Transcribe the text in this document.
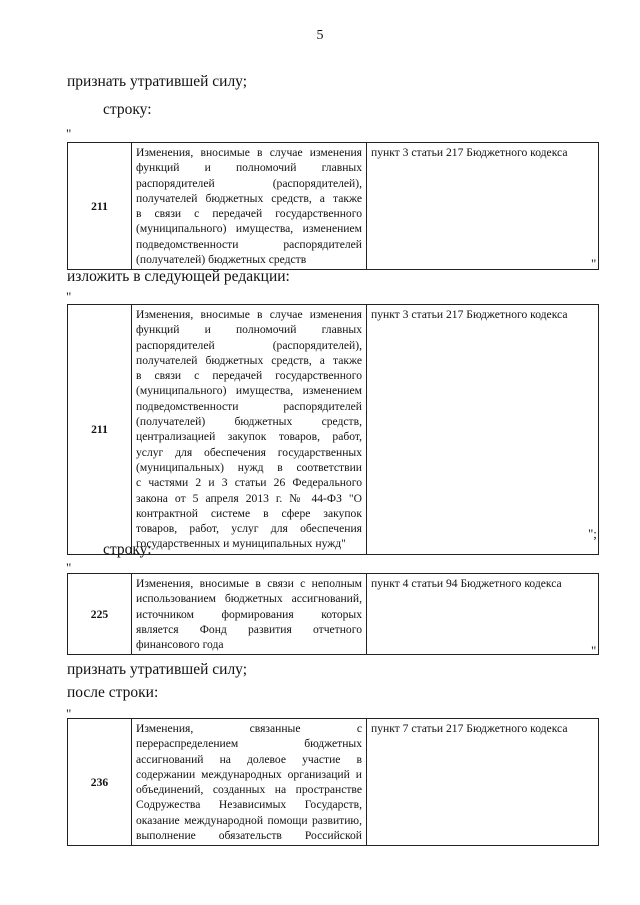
5
признать утратившей силу;
строку:
"
211	
Изменения, вносимые в случае изменения
функций и полномочий главных
распорядителей (распорядителей),
получателей бюджетных средств, а также
в связи с передачей государственного
(муниципального) имущества, изменением
подведомственности распорядителей
(получателей) бюджетных средств
	пункт 3 статьи 217 Бюджетного кодекса
"
изложить в следующей редакции:
"
211	
Изменения, вносимые в случае изменения
функций и полномочий главных
распорядителей (распорядителей),
получателей бюджетных средств, а также
в связи с передачей государственного
(муниципального) имущества, изменением
подведомственности распорядителей
(получателей) бюджетных средств,
централизацией закупок товаров, работ,
услуг для обеспечения государственных
(муниципальных) нужд в соответствии
с частями 2 и 3 статьи 26 Федерального
закона от 5 апреля 2013 г. № 44-ФЗ "О
контрактной системе в сфере закупок
товаров, работ, услуг для обеспечения
государственных и муниципальных нужд"
	пункт 3 статьи 217 Бюджетного кодекса
";
строку:
"
225	
Изменения, вносимые в связи с неполным
использованием бюджетных ассигнований,
источником формирования которых
является Фонд развития отчетного
финансового года
	пункт 4 статьи 94 Бюджетного кодекса
"
признать утратившей силу;
после строки:
"
236	
Изменения, связанные с
перераспределением бюджетных
ассигнований на долевое участие в
содержании международных организаций и
объединений, созданных на пространстве
Содружества Независимых Государств,
оказание международной помощи развитию,
выполнение обязательств Российской
	пункт 7 статьи 217 Бюджетного кодекса
